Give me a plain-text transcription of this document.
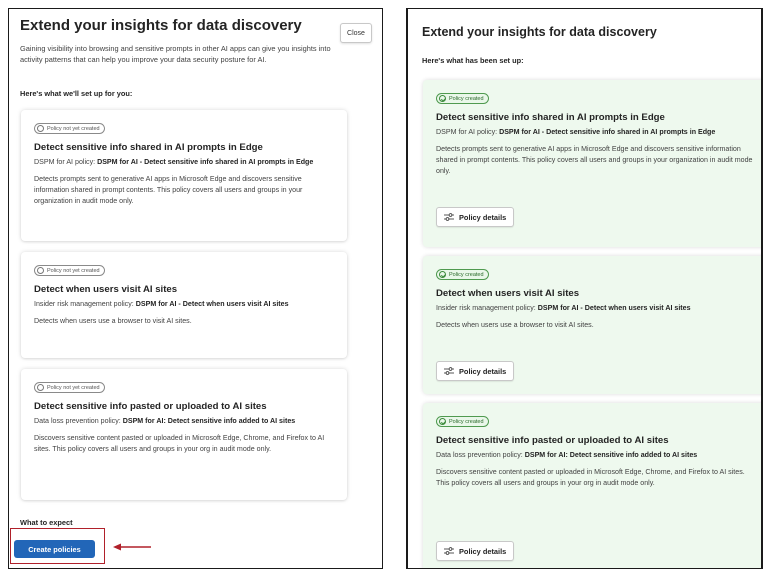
Extend your insights for data discovery	Close

Gaining visibility into browsing and sensitive prompts in other AI apps can give you insights into activity patterns that can help you improve your data security posture for AI.

Here's what we'll set up for you:
Policy not yet created
Detect sensitive info shared in AI prompts in Edge
DSPM for AI policy: DSPM for AI - Detect sensitive info shared in AI prompts in Edge
Detects prompts sent to generative AI apps in Microsoft Edge and discovers sensitive information shared in prompt contents. This policy covers all users and groups in your organization in audit mode only.
Policy not yet created
Detect when users visit AI sites
Insider risk management policy: DSPM for AI - Detect when users visit AI sites
Detects when users use a browser to visit AI sites.
Policy not yet created
Detect sensitive info pasted or uploaded to AI sites
Data loss prevention policy: DSPM for AI: Detect sensitive info added to AI sites
Discovers sensitive content pasted or uploaded in Microsoft Edge, Chrome, and Firefox to AI sites. This policy covers all users and groups in your org in audit mode only.
What to expect
Create policies
Extend your insights for data discovery
Here's what has been set up:
Policy created
Detect sensitive info shared in AI prompts in Edge
DSPM for AI policy: DSPM for AI - Detect sensitive info shared in AI prompts in Edge
Detects prompts sent to generative AI apps in Microsoft Edge and discovers sensitive information shared in prompt contents. This policy covers all users and groups in your organization in audit mode only.
Policy details
Policy created
Detect when users visit AI sites
Insider risk management policy: DSPM for AI - Detect when users visit AI sites
Detects when users use a browser to visit AI sites.
Policy details
Policy created
Detect sensitive info pasted or uploaded to AI sites
Data loss prevention policy: DSPM for AI: Detect sensitive info added to AI sites
Discovers sensitive content pasted or uploaded in Microsoft Edge, Chrome, and Firefox to AI sites. This policy covers all users and groups in your org in audit mode only.
Policy details
